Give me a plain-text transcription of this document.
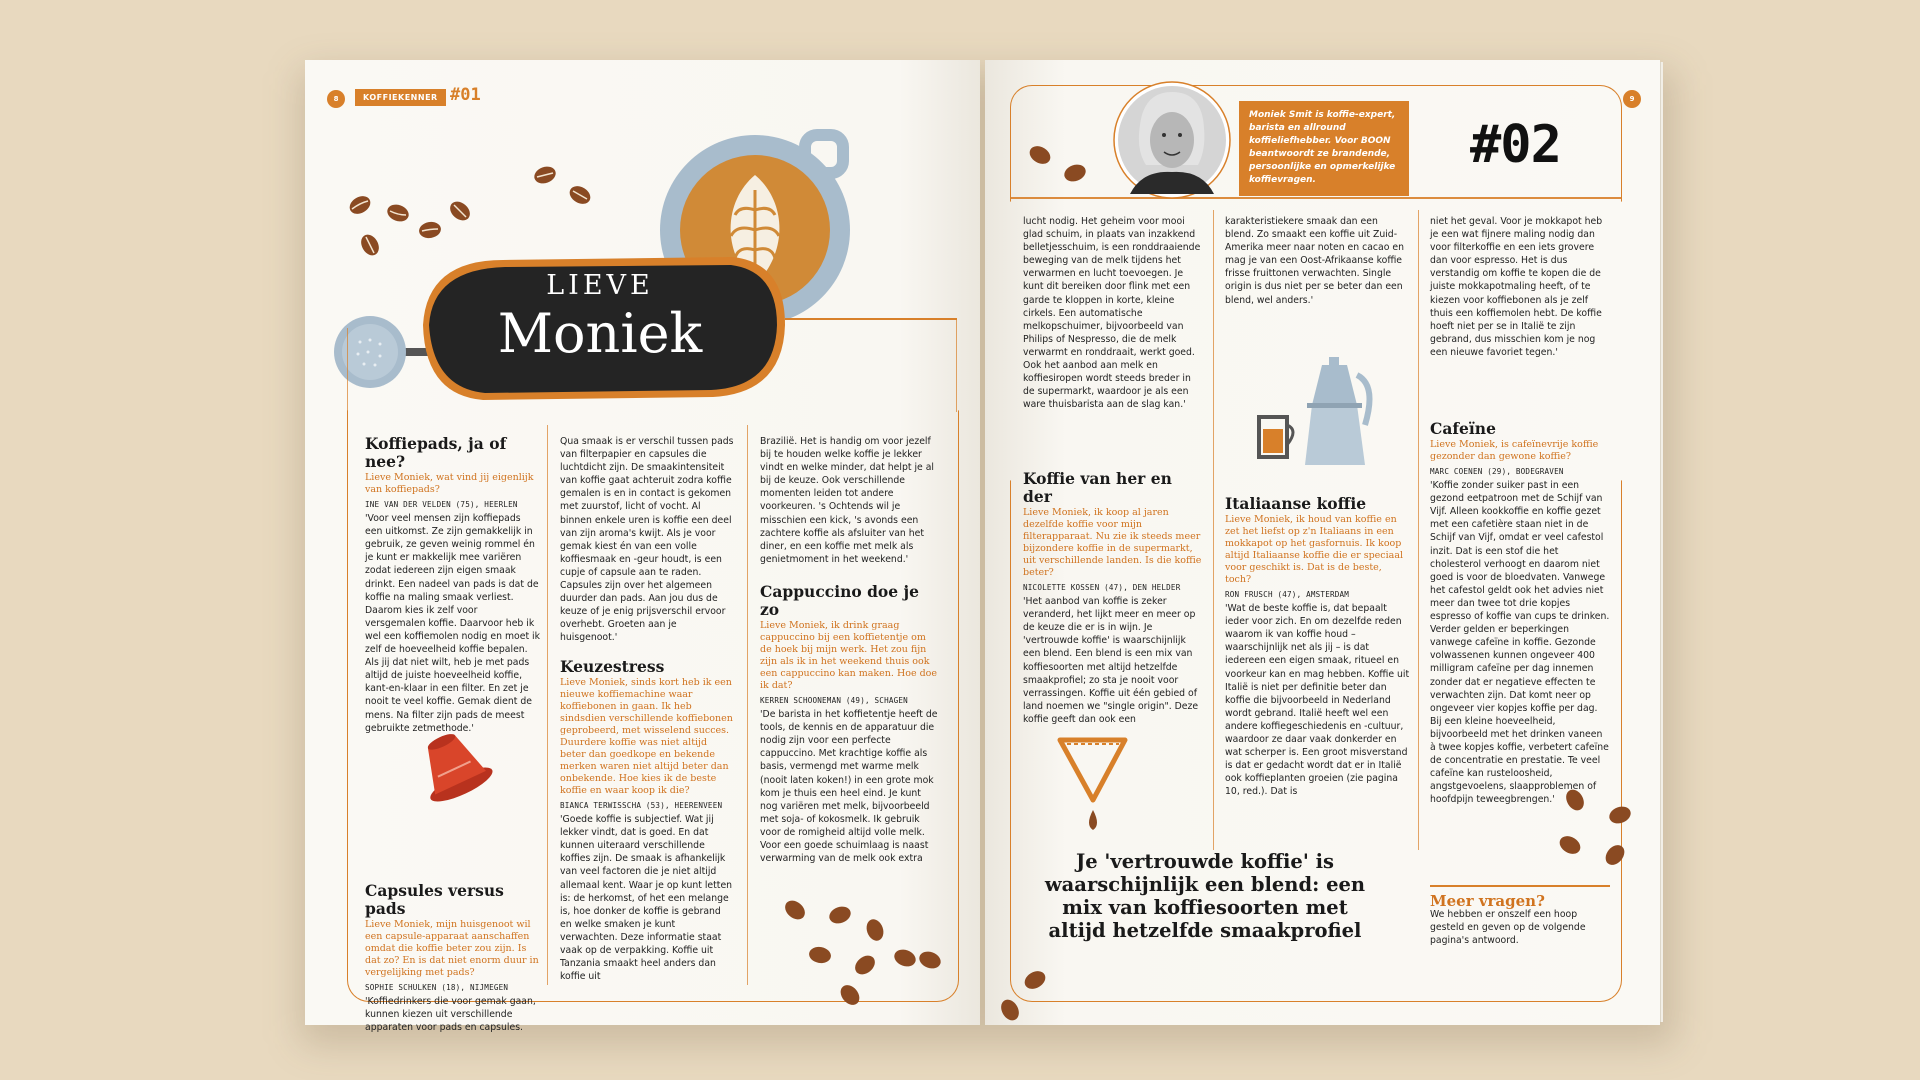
8	KOFFIEKENNER #01
LIEVE
Moniek
Koffiepads, ja of nee?
Lieve Moniek, wat vind jij eigenlijk van koffiepads?
INE VAN DER VELDEN (75), HEERLEN

'Voor veel mensen zijn koffiepads een uitkomst. Ze zijn gemakkelijk in gebruik, ze geven weinig rommel én je kunt er makkelijk mee variëren zodat iedereen zijn eigen smaak drinkt. Een nadeel van pads is dat de koffie na maling smaak verliest. Daarom kies ik zelf voor versgemalen koffie. Daarvoor heb ik wel een koffiemolen nodig en moet ik zelf de hoeveelheid koffie bepalen. Als jij dat niet wilt, heb je met pads altijd de juiste hoeveelheid koffie, kant-en-klaar in een filter. En zet je nooit te veel koffie. Gemak dient de mens. Na filter zijn pads de meest gebruikte zetmethode.'

Capsules versus pads
Lieve Moniek, mijn huisgenoot wil een capsule-apparaat aanschaffen omdat die koffie beter zou zijn. Is dat zo? En is dat niet enorm duur in vergelijking met pads?
SOPHIE SCHULKEN (18), NIJMEGEN

'Koffiedrinkers die voor gemak gaan, kunnen kiezen uit verschillende apparaten voor pads en capsules.

Qua smaak is er verschil tussen pads van filterpapier en capsules die luchtdicht zijn. De smaakintensiteit van koffie gaat achteruit zodra koffie gemalen is en in contact is gekomen met zuurstof, licht of vocht. Al binnen enkele uren is koffie een deel van zijn aroma's kwijt. Als je voor gemak kiest én van een volle koffiesmaak en -geur houdt, is een cupje of capsule aan te raden. Capsules zijn over het algemeen duurder dan pads. Aan jou dus de keuze of je enig prijsverschil ervoor overhebt. Groeten aan je huisgenoot.'

Keuzestress
Lieve Moniek, sinds kort heb ik een nieuwe koffiemachine waar koffiebonen in gaan. Ik heb sindsdien verschillende koffiebonen geprobeerd, met wisselend succes. Duurdere koffie was niet altijd beter dan goedkope en bekende merken waren niet altijd beter dan onbekende. Hoe kies ik de beste koffie en waar koop ik die?
BIANCA TERWISSCHA (53), HEERENVEEN

'Goede koffie is subjectief. Wat jij lekker vindt, dat is goed. En dat kunnen uiteraard verschillende koffies zijn. De smaak is afhankelijk van veel factoren die je niet altijd allemaal kent. Waar je op kunt letten is: de herkomst, of het een melange is, hoe donker de koffie is gebrand en welke smaken je kunt verwachten. Deze informatie staat vaak op de verpakking. Koffie uit Tanzania smaakt heel anders dan koffie uit

Brazilië. Het is handig om voor jezelf bij te houden welke koffie je lekker vindt en welke minder, dat helpt je al bij de keuze. Ook verschillende momenten leiden tot andere voorkeuren. 's Ochtends wil je misschien een kick, 's avonds een zachtere koffie als afsluiter van het diner, en een koffie met melk als genietmoment in het weekend.'

Cappuccino doe je zo
Lieve Moniek, ik drink graag cappuccino bij een koffietentje om de hoek bij mijn werk. Het zou fijn zijn als ik in het weekend thuis ook een cappuccino kan maken. Hoe doe ik dat?
KERREN SCHOONEMAN (49), SCHAGEN

'De barista in het koffietentje heeft de tools, de kennis en de apparatuur die nodig zijn voor een perfecte cappuccino. Met krachtige koffie als basis, vermengd met warme melk (nooit laten koken!) in een grote mok kom je thuis een heel eind. Je kunt nog variëren met melk, bijvoorbeeld met soja- of kokosmelk. Ik gebruik voor de romigheid altijd volle melk. Voor een goede schuimlaag is naast verwarming van de melk ook extra

9
Moniek Smit is koffie-expert, barista en allround koffieliefhebber. Voor BOON beantwoordt ze brandende, persoonlijke en opmerkelijke koffievragen.
#02

lucht nodig. Het geheim voor mooi glad schuim, in plaats van inzakkend belletjesschuim, is een ronddraaiende beweging van de melk tijdens het verwarmen en lucht toevoegen. Je kunt dit bereiken door flink met een garde te kloppen in korte, kleine cirkels. Een automatische melkopschuimer, bijvoorbeeld van Philips of Nespresso, die de melk verwarmt en ronddraait, werkt goed. Ook het aanbod aan melk en koffiesiropen wordt steeds breder in de supermarkt, waardoor je als een ware thuisbarista aan de slag kan.'

Koffie van her en der
Lieve Moniek, ik koop al jaren dezelfde koffie voor mijn filterapparaat. Nu zie ik steeds meer bijzondere koffie in de supermarkt, uit verschillende landen. Is die koffie beter?
NICOLETTE KOSSEN (47), DEN HELDER

'Het aanbod van koffie is zeker veranderd, het lijkt meer en meer op de keuze die er is in wijn. Je 'vertrouwde koffie' is waarschijnlijk een blend. Een blend is een mix van koffiesoorten met altijd hetzelfde smaakprofiel; zo sta je nooit voor verrassingen. Koffie uit één gebied of land noemen we "single origin". Deze koffie geeft dan ook een

karakteristiekere smaak dan een blend. Zo smaakt een koffie uit Zuid-Amerika meer naar noten en cacao en mag je van een Oost-Afrikaanse koffie frisse fruittonen verwachten. Single origin is dus niet per se beter dan een blend, wel anders.'

Italiaanse koffie
Lieve Moniek, ik houd van koffie en zet het liefst op z'n Italiaans in een mokkapot op het gasfornuis. Ik koop altijd Italiaanse koffie die er speciaal voor geschikt is. Dat is de beste, toch?
RON FRUSCH (47), AMSTERDAM

'Wat de beste koffie is, dat bepaalt ieder voor zich. En om dezelfde reden waarom ik van koffie houd – waarschijnlijk net als jij – is dat iedereen een eigen smaak, ritueel en voorkeur kan en mag hebben. Koffie uit Italië is niet per definitie beter dan koffie die bijvoorbeeld in Nederland wordt gebrand. Italië heeft wel een andere koffiegeschiedenis en -cultuur, waardoor ze daar vaak donkerder en wat scherper is. Een groot misverstand is dat er gedacht wordt dat er in Italië ook koffieplanten groeien (zie pagina 10, red.). Dat is

niet het geval. Voor je mokkapot heb je een wat fijnere maling nodig dan voor filterkoffie en een iets grovere dan voor espresso. Het is dus verstandig om koffie te kopen die de juiste mokkapotmaling heeft, of te kiezen voor koffiebonen als je zelf thuis een koffiemolen hebt. De koffie hoeft niet per se in Italië te zijn gebrand, dus misschien kom je nog een nieuwe favoriet tegen.'

Cafeïne
Lieve Moniek, is cafeïnevrije koffie gezonder dan gewone koffie?
MARC COENEN (29), BODEGRAVEN

'Koffie zonder suiker past in een gezond eetpatroon met de Schijf van Vijf. Alleen kookkoffie en koffie gezet met een cafetière staan niet in de Schijf van Vijf, omdat er veel cafestol inzit. Dat is een stof die het cholesterol verhoogt en daarom niet goed is voor de bloedvaten. Vanwege het cafestol geldt ook het advies niet meer dan twee tot drie kopjes espresso of koffie van cups te drinken. Verder gelden er beperkingen vanwege cafeïne in koffie. Gezonde volwassenen kunnen ongeveer 400 milligram cafeïne per dag innemen zonder dat er negatieve effecten te verwachten zijn. Dat komt neer op ongeveer vier kopjes koffie per dag. Bij een kleine hoeveelheid, bijvoorbeeld met het drinken vaneen à twee kopjes koffie, verbetert cafeïne de concentratie en prestatie. Te veel cafeïne kan rusteloosheid, angstgevoelens, slaapproblemen of hoofdpijn teweegbrengen.'

Je 'vertrouwde koffie' is waarschijnlijk een blend: een mix van koffiesoorten met altijd hetzelfde smaakprofiel
Meer vragen?

We hebben er onszelf een hoop gesteld en geven op de volgende pagina's antwoord.
